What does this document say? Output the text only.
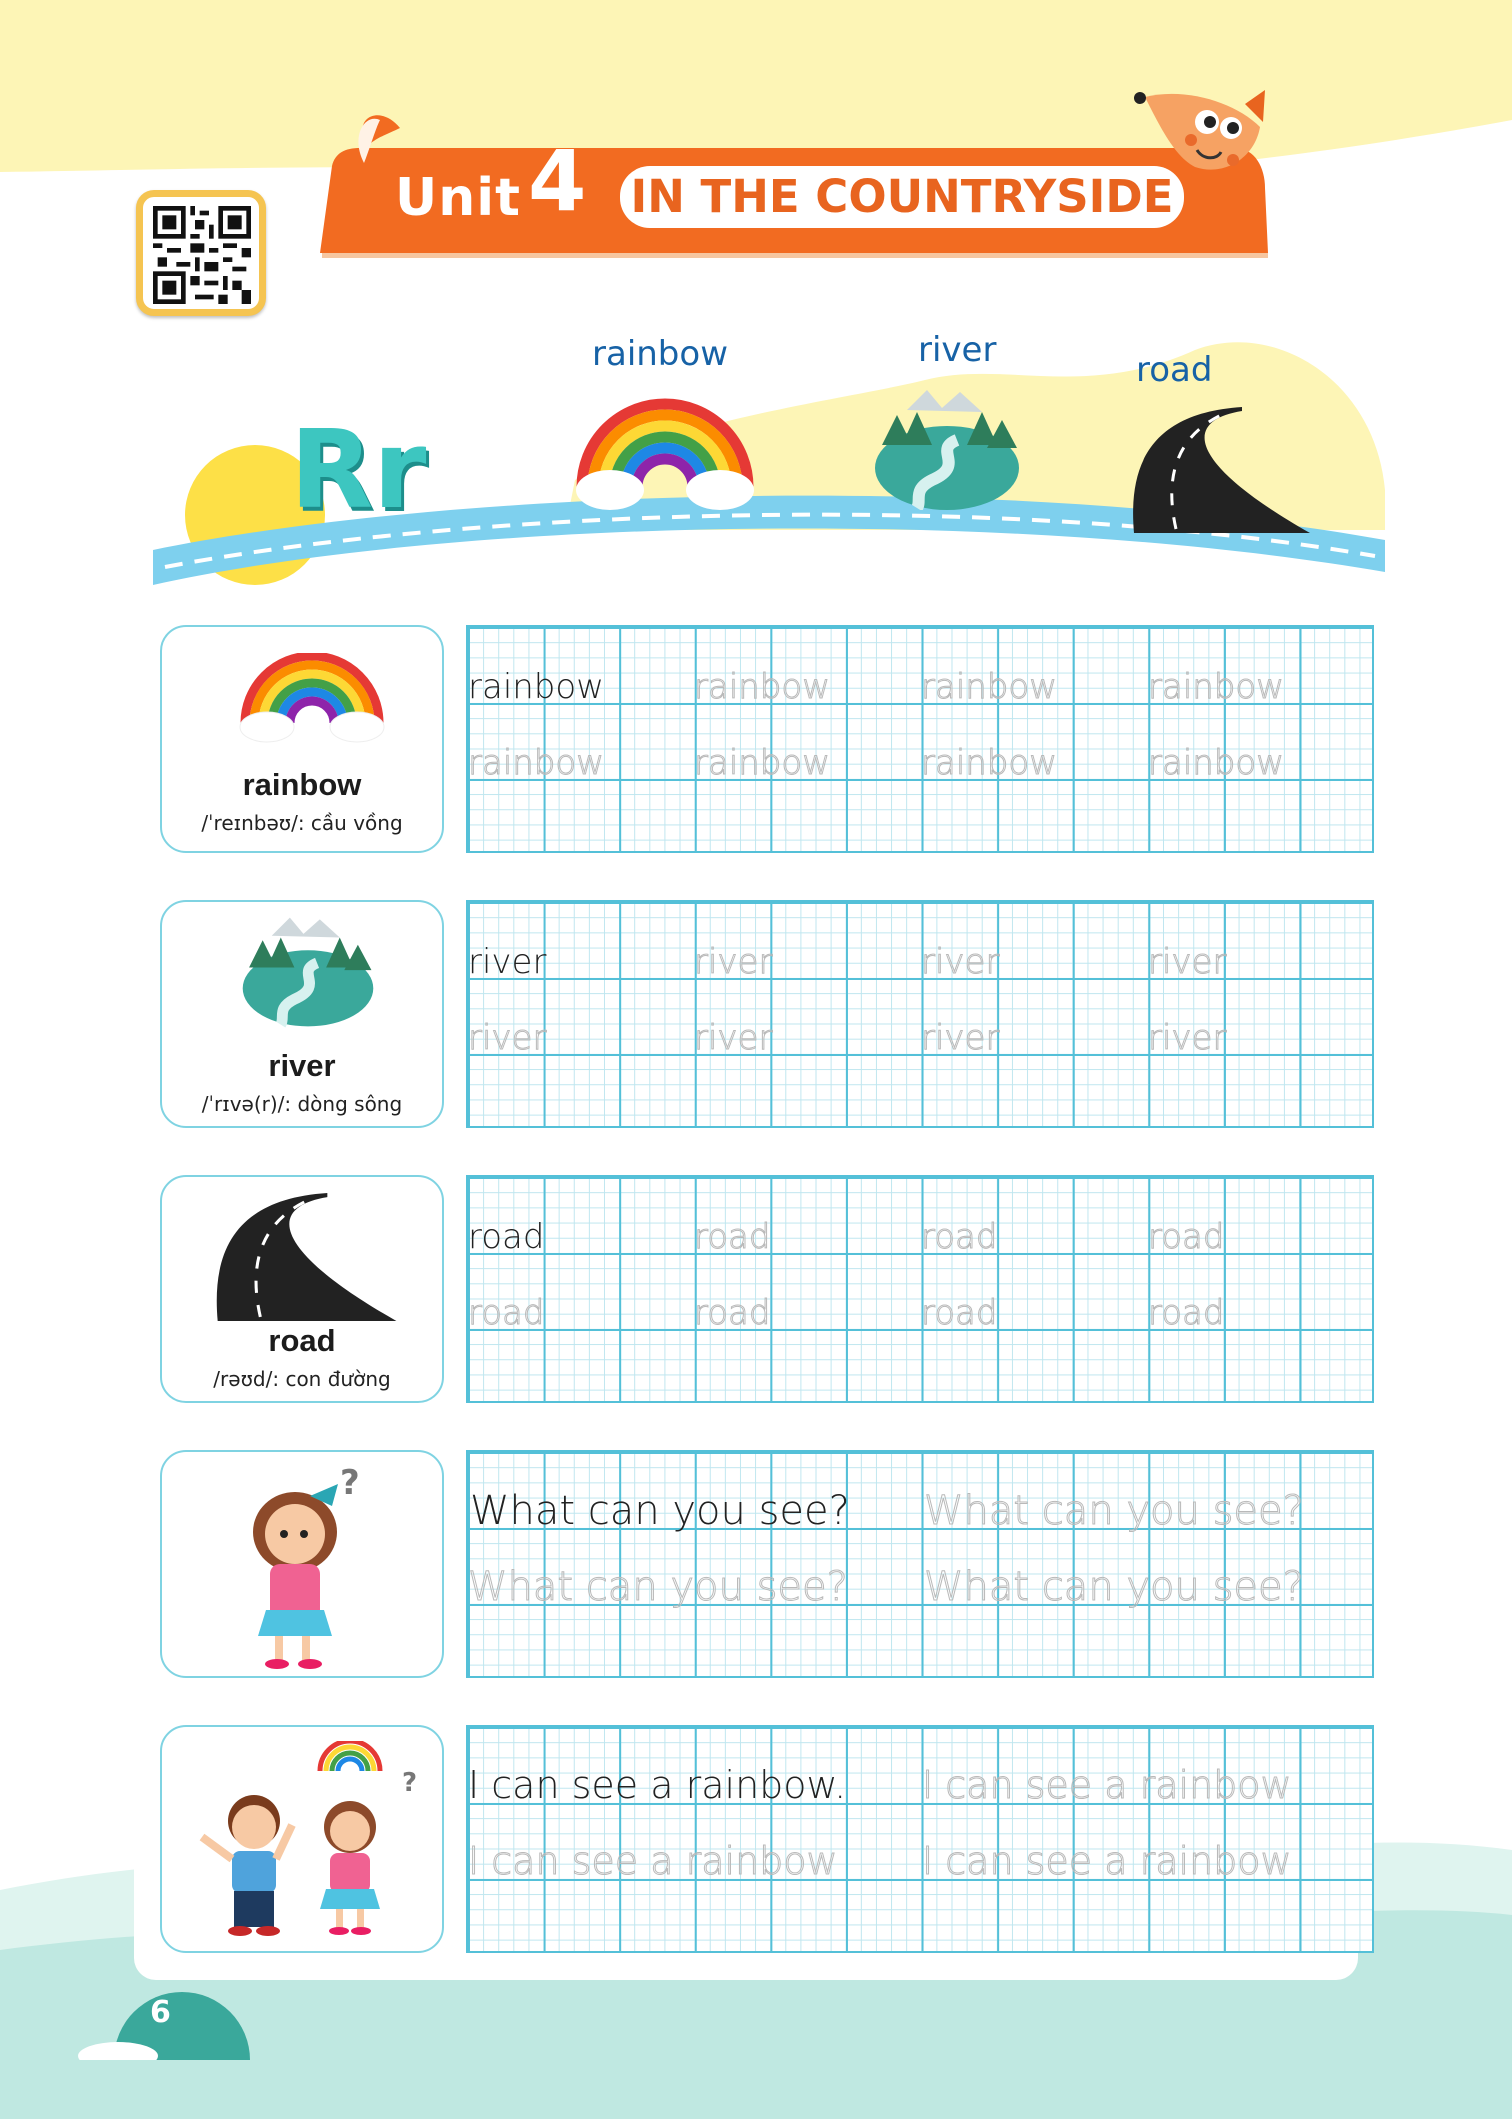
Unit 4 IN THE COUNTRYSIDE
Rr
rainbow	river	road
rainbow
/ˈreɪnbəʊ/: cầu vồng
rainbow	rainbow	rainbow	rainbow
rainbow	rainbow	rainbow	rainbow
river
/ˈrɪvə(r)/: dòng sông
river	river	river	river
river	river	river	river
road
/rəʊd/: con đường
road	road	road	road
road	road	road	road
?
What can you see? What can you see?
What can you see? What can you see?
? I can see a rainbow. I can see a rainbow
I can see a rainbow I can see a rainbow
6
